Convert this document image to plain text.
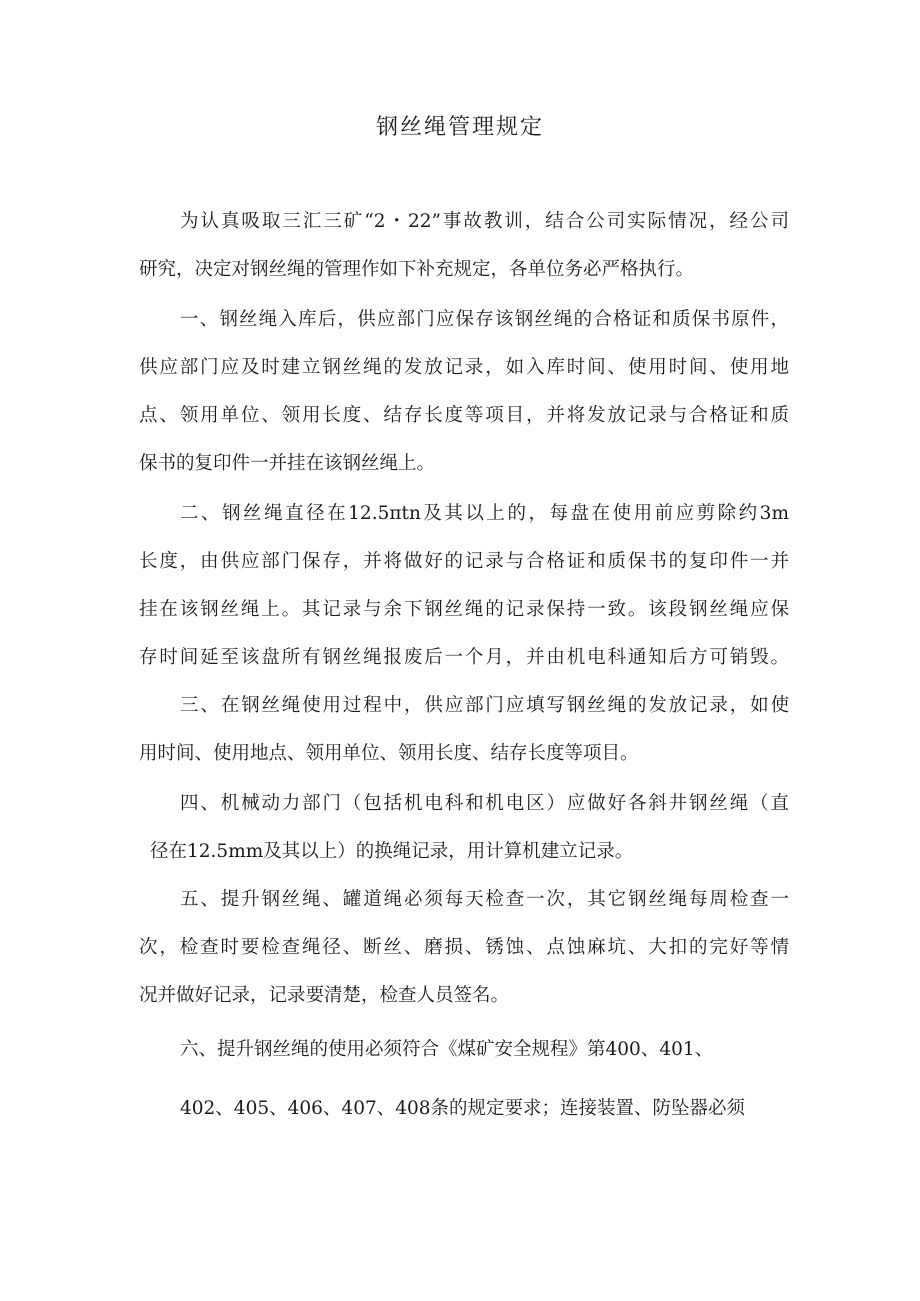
钢丝绳管理规定
为认真吸取三汇三矿“2・22”事故教训，结合公司实际情况，经公司
研究，决定对钢丝绳的管理作如下补充规定，各单位务必严格执行。
一、钢丝绳入库后，供应部门应保存该钢丝绳的合格证和质保书原件，
供应部门应及时建立钢丝绳的发放记录，如入库时间、使用时间、使用地
点、领用单位、领用长度、结存长度等项目，并将发放记录与合格证和质
保书的复印件一并挂在该钢丝绳上。
二、钢丝绳直径在12.5πtn及其以上的，每盘在使用前应剪除约3m
长度，由供应部门保存，并将做好的记录与合格证和质保书的复印件一并
挂在该钢丝绳上。其记录与余下钢丝绳的记录保持一致。该段钢丝绳应保
存时间延至该盘所有钢丝绳报废后一个月，并由机电科通知后方可销毁。
三、在钢丝绳使用过程中，供应部门应填写钢丝绳的发放记录，如使
用时间、使用地点、领用单位、领用长度、结存长度等项目。
四、机械动力部门（包括机电科和机电区）应做好各斜井钢丝绳（直
径在12.5mm及其以上）的换绳记录，用计算机建立记录。
五、提升钢丝绳、罐道绳必须每天检查一次，其它钢丝绳每周检查一
次，检查时要检查绳径、断丝、磨损、锈蚀、点蚀麻坑、大扣的完好等情
况并做好记录，记录要清楚，检查人员签名。
六、提升钢丝绳的使用必须符合《煤矿安全规程》第400、401、
402、405、406、407、408条的规定要求；连接装置、防坠器必须
